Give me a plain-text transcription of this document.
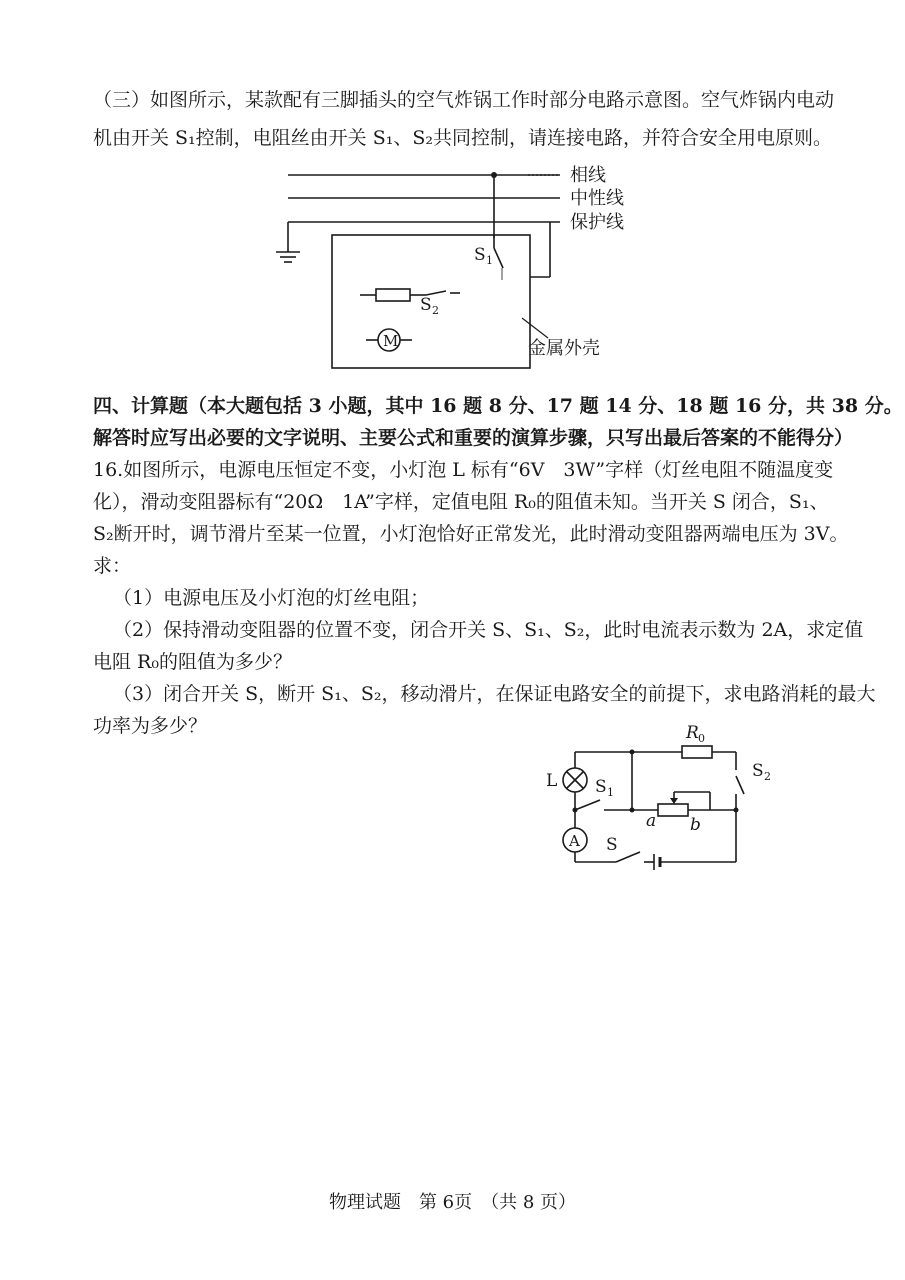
（三）如图所示，某款配有三脚插头的空气炸锅工作时部分电路示意图。空气炸锅内电动
机由开关 S₁控制，电阻丝由开关 S₁、S₂共同控制，请连接电路，并符合安全用电原则。
相线
中性线
保护线
S 1
S 2
M	金属外壳
四、计算题（本大题包括 3 小题，其中 16 题 8 分、17 题 14 分、18 题 16 分，共 38 分。
解答时应写出必要的文字说明、主要公式和重要的演算步骤，只写出最后答案的不能得分）
16.如图所示，电源电压恒定不变，小灯泡 L 标有“6V　3W”字样（灯丝电阻不随温度变
化），滑动变阻器标有“20Ω　1A”字样，定值电阻 R₀的阻值未知。当开关 S 闭合，S₁、
S₂断开时，调节滑片至某一位置，小灯泡恰好正常发光，此时滑动变阻器两端电压为 3V。
求：
（1）电源电压及小灯泡的灯丝电阻；
（2）保持滑动变阻器的位置不变，闭合开关 S、S₁、S₂，此时电流表示数为 2A，求定值
电阻 R₀的阻值为多少？
（3）闭合开关 S，断开 S₁、S₂，移动滑片，在保证电路安全的前提下，求电路消耗的最大
功率为多少？	R 0
L S 1
S 2
a b
A S
物理试题　第 6页　（共 8 页）
